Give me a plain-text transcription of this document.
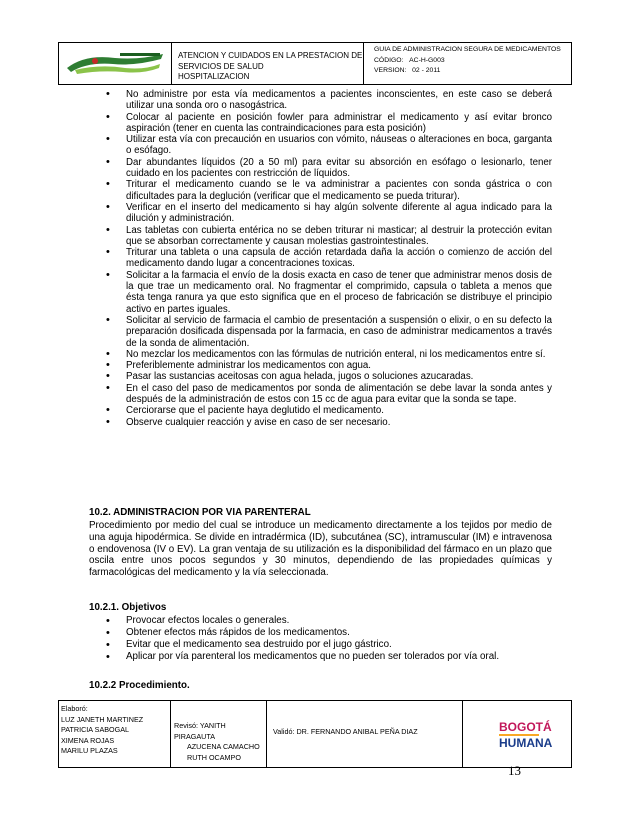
ATENCION Y CUIDADOS EN LA PRESTACION DE
SERVICIOS DE SALUD
HOSPITALIZACION
GUIA DE ADMINISTRACION SEGURA DE MEDICAMENTOS
CÓDIGO: AC-H-G003
VERSION: 02 - 2011
• No administre por esta vía medicamentos a pacientes inconscientes, en este caso se deberá utilizar una sonda oro o nasogástrica.
• Colocar al paciente en posición fowler para administrar el medicamento y así evitar bronco aspiración (tener en cuenta las contraindicaciones para esta posición)
• Utilizar esta vía con precaución en usuarios con vómito, náuseas o alteraciones en boca, garganta o esófago.
• Dar abundantes líquidos (20 a 50 ml) para evitar su absorción en esófago o lesionarlo, tener cuidado en los pacientes con restricción de líquidos.
• Triturar el medicamento cuando se le va administrar a pacientes con sonda gástrica o con dificultades para la deglución (verificar que el medicamento se pueda triturar).
• Verificar en el inserto del medicamento si hay algún solvente diferente al agua indicado para la dilución y administración.
• Las tabletas con cubierta entérica no se deben triturar ni masticar; al destruir la protección evitan que se absorban correctamente y causan molestias gastrointestinales.
• Triturar una tableta o una capsula de acción retardada daña la acción o comienzo de acción del medicamento dando lugar a concentraciones toxicas.
• Solicitar a la farmacia el envío de la dosis exacta en caso de tener que administrar menos dosis de la que trae un medicamento oral. No fragmentar el comprimido, capsula o tableta a menos que ésta tenga ranura ya que esto significa que en el proceso de fabricación se distribuye el principio activo en partes iguales.
• Solicitar al servicio de farmacia el cambio de presentación a suspensión o elixir, o en su defecto la preparación dosificada dispensada por la farmacia, en caso de administrar medicamentos a través de la sonda de alimentación.
• No mezclar los medicamentos con las fórmulas de nutrición enteral, ni los medicamentos entre sí.
• Preferiblemente administrar los medicamentos con agua.
• Pasar las sustancias aceitosas con agua helada, jugos o soluciones azucaradas.
• En el caso del paso de medicamentos por sonda de alimentación se debe lavar la sonda antes y después de la administración de estos con 15 cc de agua para evitar que la sonda se tape.
• Cerciorarse que el paciente haya deglutido el medicamento.
• Observe cualquier reacción y avise en caso de ser necesario.
10.2. ADMINISTRACION POR VIA PARENTERAL
Procedimiento por medio del cual se introduce un medicamento directamente a los tejidos por medio de una aguja hipodérmica. Se divide en intradérmica (ID), subcutánea (SC), intramuscular (IM) e intravenosa o endovenosa (IV o EV). La gran ventaja de su utilización es la disponibilidad del fármaco en un plazo que oscila entre unos pocos segundos y 30 minutos, dependiendo de las propiedades químicas y farmacológicas del medicamento y la vía seleccionada.
10.2.1. Objetivos
• Provocar efectos locales o generales.
• Obtener efectos más rápidos de los medicamentos.
• Evitar que el medicamento sea destruido por el jugo gástrico.
• Aplicar por vía parenteral los medicamentos que no pueden ser tolerados por vía oral.
10.2.2 Procedimiento.
Elaboró:
LUZ JANETH MARTINEZ
PATRICIA SABOGAL
XIMENA ROJAS
MARILU PLAZAS
Revisó: YANITH PIRAGAUTA
AZUCENA CAMACHO
RUTH OCAMPO
Validó: DR. FERNANDO ANIBAL PEÑA DIAZ	BOGOTÁ
HUMANA
13
